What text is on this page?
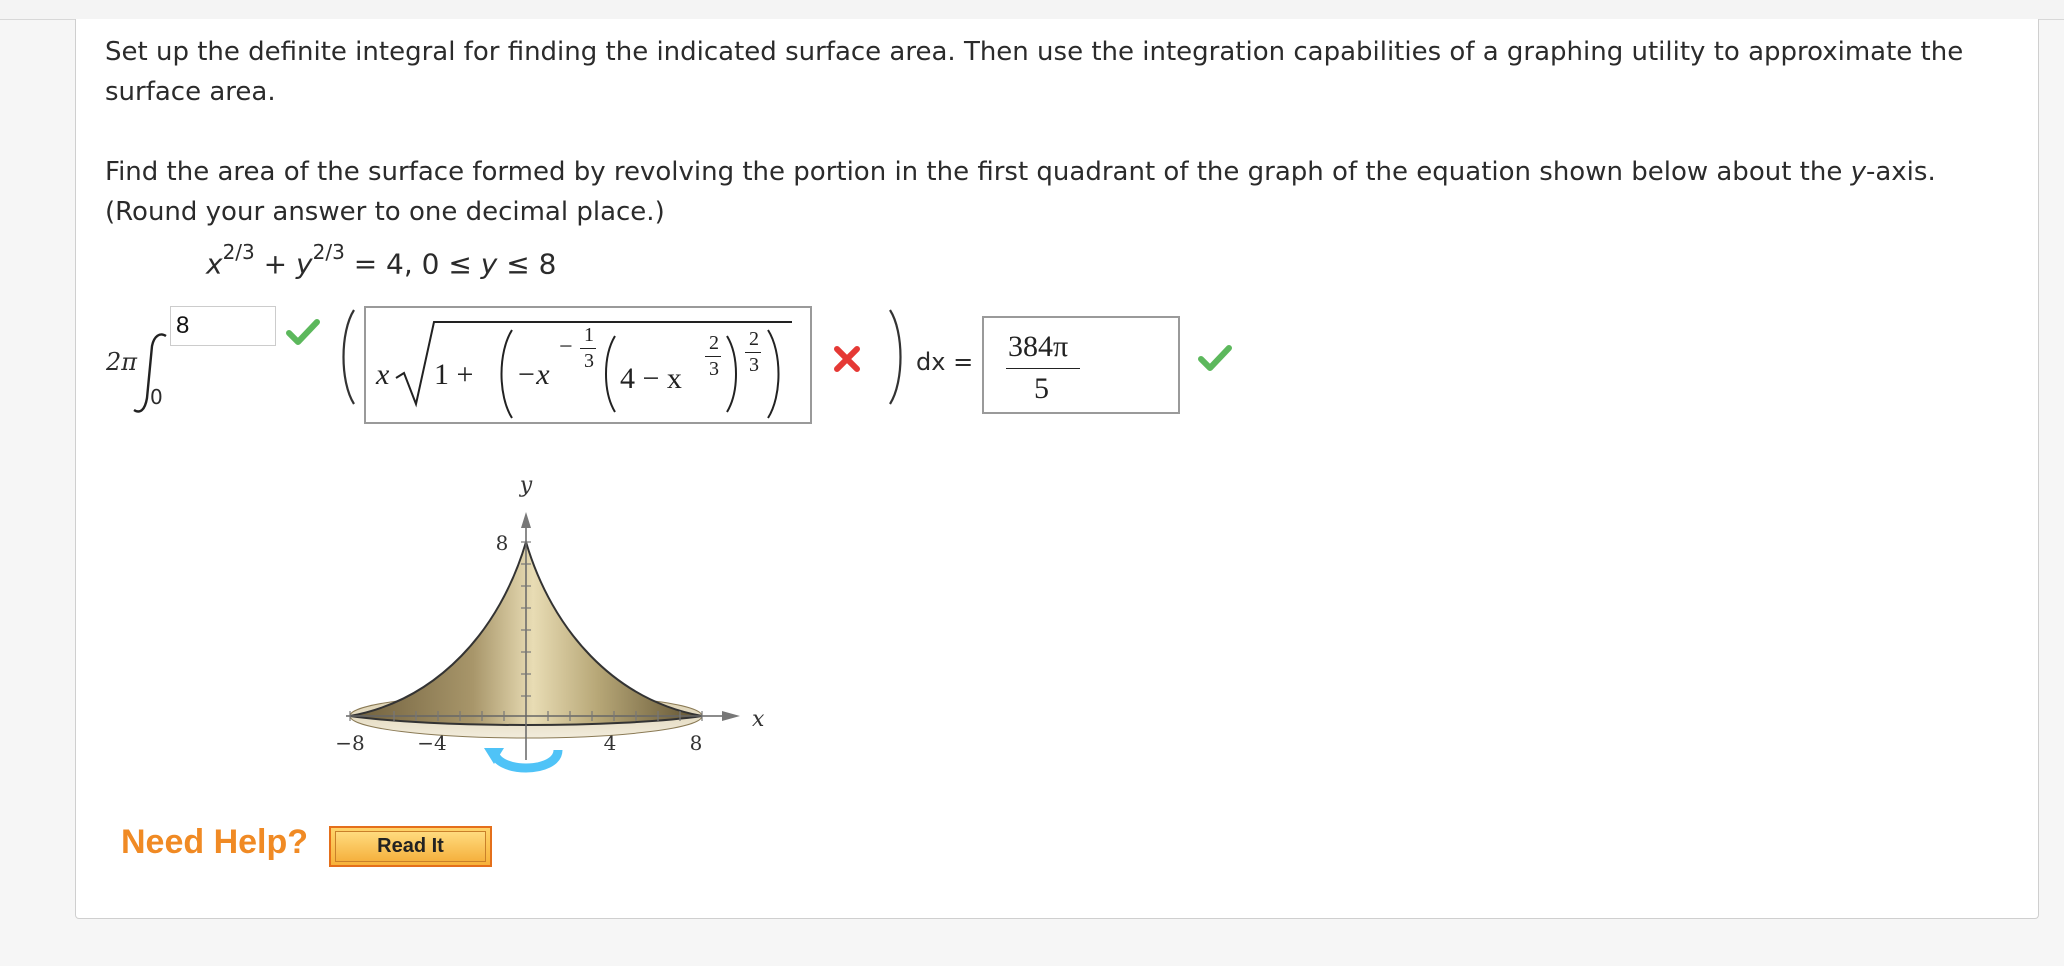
Set up the definite integral for finding the indicated surface area. Then use the integration capabilities of a graphing utility to approximate the
surface area.
Find the area of the surface formed by revolving the portion in the first quadrant of the graph of the equation shown below about the y-axis.
(Round your answer to one decimal place.)
$x^{2/3} + y^{2/3} = 4$, 0 ≤ y ≤ 8
2π
0
8
x 1 + −x
− 1
3
4 − x
2
3
2
3	dx = 384π
5
y
x
8
−8	−4	4	8
Need Help?	Read It
